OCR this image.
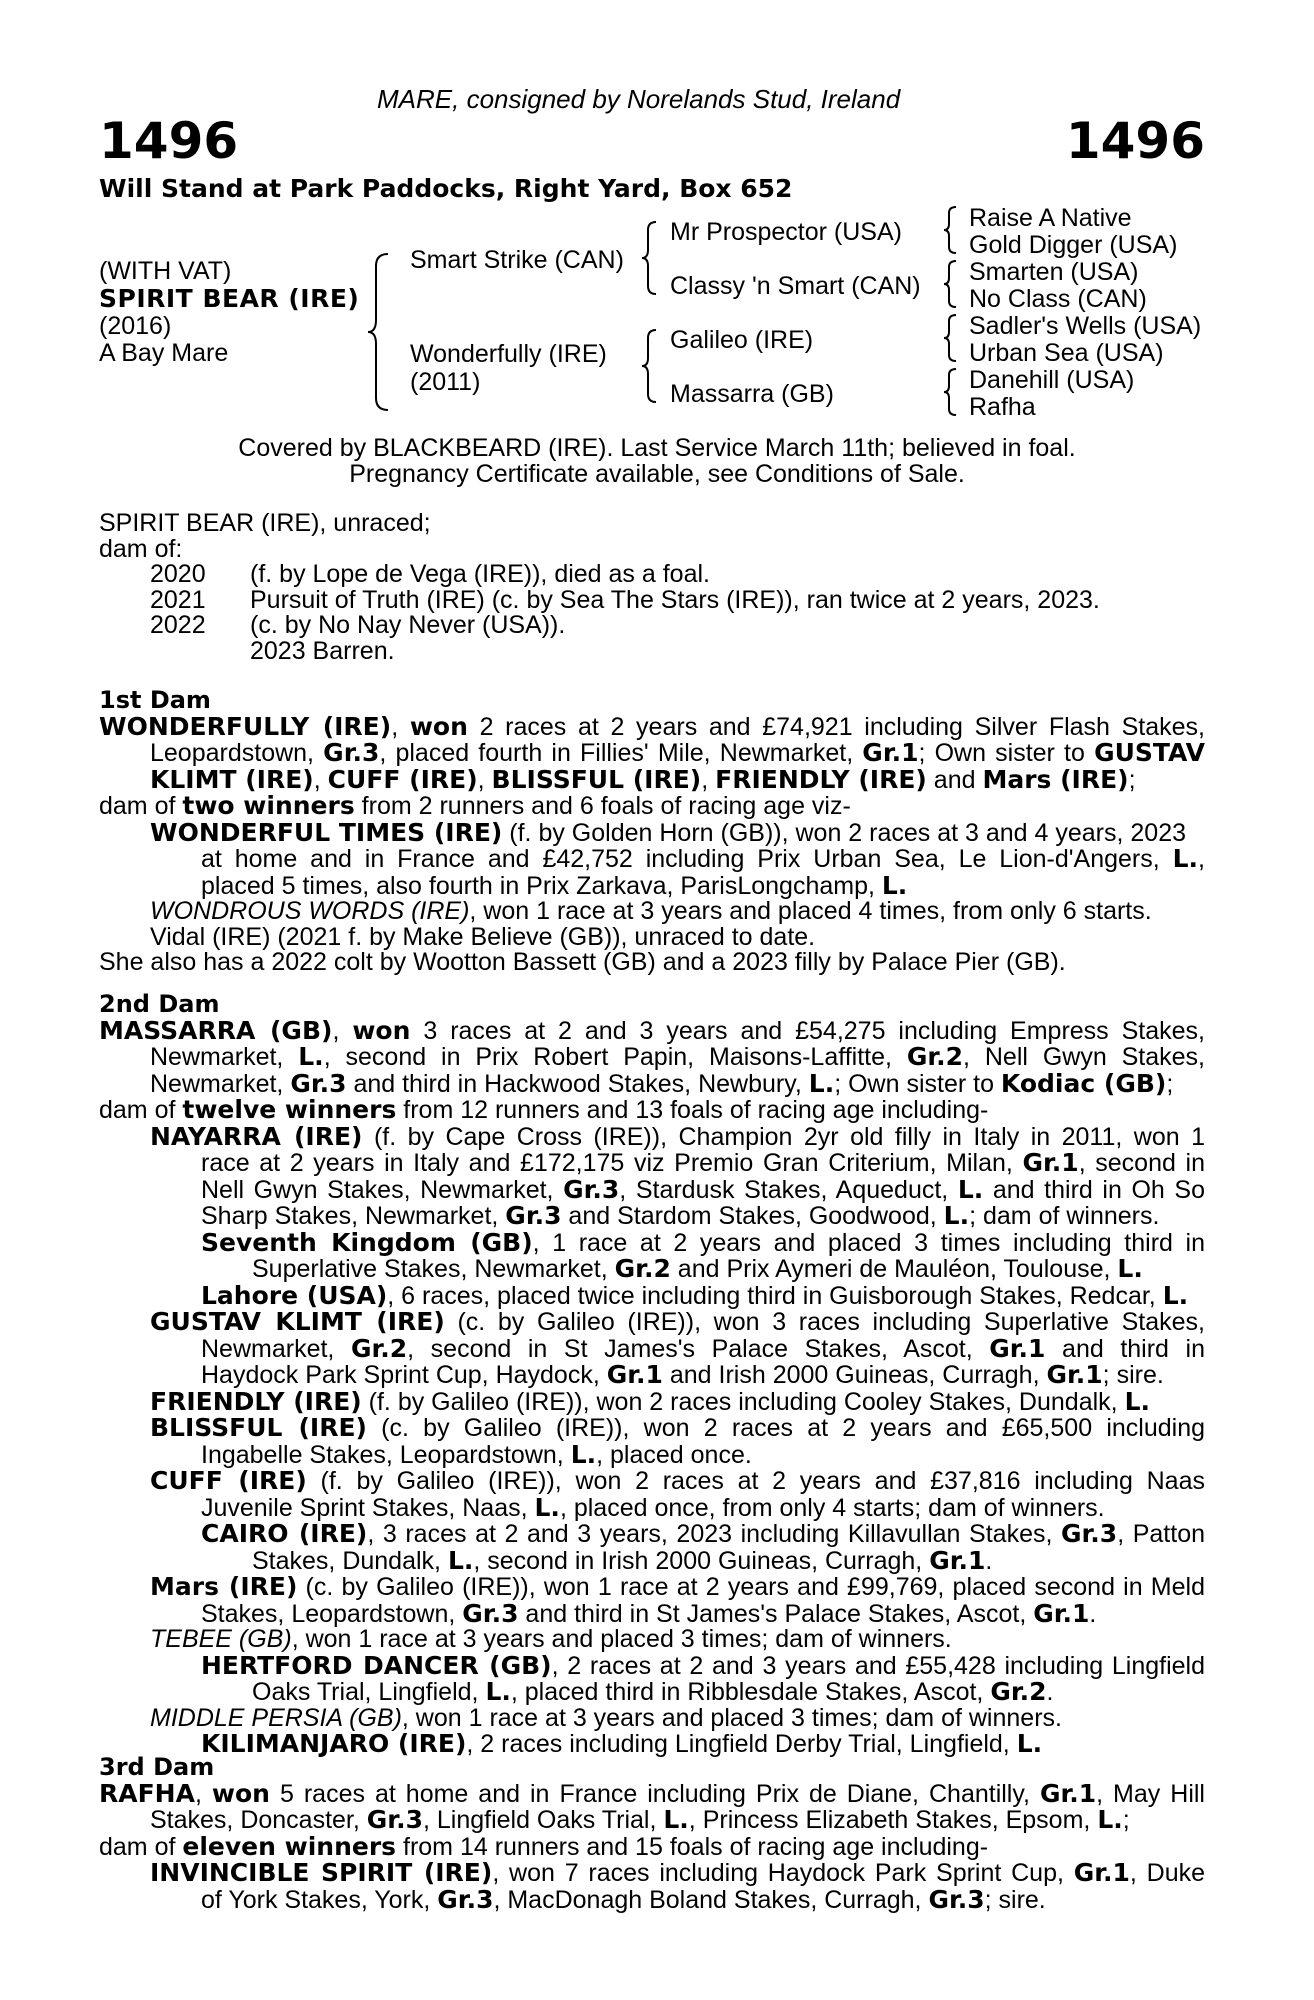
MARE, consigned by Norelands Stud, Ireland
1496	1496
Will Stand at Park Paddocks, Right Yard, Box 652
(WITH VAT)
SPIRIT BEAR (IRE)
(2016)
A Bay Mare
Smart Strike (CAN)
Wonderfully (IRE)
(2011)
Mr Prospector (USA)
Classy 'n Smart (CAN)
Galileo (IRE)
Massarra (GB)
Raise A Native
Gold Digger (USA)
Smarten (USA)
No Class (CAN)
Sadler's Wells (USA)
Urban Sea (USA)
Danehill (USA)
Rafha
Covered by BLACKBEARD (IRE). Last Service March 11th; believed in foal.
Pregnancy Certificate available, see Conditions of Sale.

SPIRIT BEAR (IRE), unraced;

dam of:

2020 (f. by Lope de Vega (IRE)), died as a foal.

2021 Pursuit of Truth (IRE) (c. by Sea The Stars (IRE)), ran twice at 2 years, 2023.

2022 (c. by No Nay Never (USA)).

2023 Barren.

1st Dam

WONDERFULLY (IRE), won 2 races at 2 years and £74,921 including Silver Flash Stakes,

Leopardstown, Gr.3, placed fourth in Fillies' Mile, Newmarket, Gr.1; Own sister to GUSTAV

KLIMT (IRE), CUFF (IRE), BLISSFUL (IRE), FRIENDLY (IRE) and Mars (IRE);

dam of two winners from 2 runners and 6 foals of racing age viz-

WONDERFUL TIMES (IRE) (f. by Golden Horn (GB)), won 2 races at 3 and 4 years, 2023

at home and in France and £42,752 including Prix Urban Sea, Le Lion-d'Angers, L.,

placed 5 times, also fourth in Prix Zarkava, ParisLongchamp, L.

WONDROUS WORDS (IRE), won 1 race at 3 years and placed 4 times, from only 6 starts.

Vidal (IRE) (2021 f. by Make Believe (GB)), unraced to date.

She also has a 2022 colt by Wootton Bassett (GB) and a 2023 filly by Palace Pier (GB).

2nd Dam

MASSARRA (GB), won 3 races at 2 and 3 years and £54,275 including Empress Stakes,

Newmarket, L., second in Prix Robert Papin, Maisons-Laffitte, Gr.2, Nell Gwyn Stakes,

Newmarket, Gr.3 and third in Hackwood Stakes, Newbury, L.; Own sister to Kodiac (GB);

dam of twelve winners from 12 runners and 13 foals of racing age including-

NAYARRA (IRE) (f. by Cape Cross (IRE)), Champion 2yr old filly in Italy in 2011, won 1

race at 2 years in Italy and £172,175 viz Premio Gran Criterium, Milan, Gr.1, second in

Nell Gwyn Stakes, Newmarket, Gr.3, Stardusk Stakes, Aqueduct, L. and third in Oh So

Sharp Stakes, Newmarket, Gr.3 and Stardom Stakes, Goodwood, L.; dam of winners.

Seventh Kingdom (GB), 1 race at 2 years and placed 3 times including third in

Superlative Stakes, Newmarket, Gr.2 and Prix Aymeri de Mauléon, Toulouse, L.

Lahore (USA), 6 races, placed twice including third in Guisborough Stakes, Redcar, L.

GUSTAV KLIMT (IRE) (c. by Galileo (IRE)), won 3 races including Superlative Stakes,

Newmarket, Gr.2, second in St James's Palace Stakes, Ascot, Gr.1 and third in

Haydock Park Sprint Cup, Haydock, Gr.1 and Irish 2000 Guineas, Curragh, Gr.1; sire.

FRIENDLY (IRE) (f. by Galileo (IRE)), won 2 races including Cooley Stakes, Dundalk, L.

BLISSFUL (IRE) (c. by Galileo (IRE)), won 2 races at 2 years and £65,500 including

Ingabelle Stakes, Leopardstown, L., placed once.

CUFF (IRE) (f. by Galileo (IRE)), won 2 races at 2 years and £37,816 including Naas

Juvenile Sprint Stakes, Naas, L., placed once, from only 4 starts; dam of winners.

CAIRO (IRE), 3 races at 2 and 3 years, 2023 including Killavullan Stakes, Gr.3, Patton

Stakes, Dundalk, L., second in Irish 2000 Guineas, Curragh, Gr.1.

Mars (IRE) (c. by Galileo (IRE)), won 1 race at 2 years and £99,769, placed second in Meld

Stakes, Leopardstown, Gr.3 and third in St James's Palace Stakes, Ascot, Gr.1.

TEBEE (GB), won 1 race at 3 years and placed 3 times; dam of winners.

HERTFORD DANCER (GB), 2 races at 2 and 3 years and £55,428 including Lingfield

Oaks Trial, Lingfield, L., placed third in Ribblesdale Stakes, Ascot, Gr.2.

MIDDLE PERSIA (GB), won 1 race at 3 years and placed 3 times; dam of winners.

KILIMANJARO (IRE), 2 races including Lingfield Derby Trial, Lingfield, L.

3rd Dam

RAFHA, won 5 races at home and in France including Prix de Diane, Chantilly, Gr.1, May Hill

Stakes, Doncaster, Gr.3, Lingfield Oaks Trial, L., Princess Elizabeth Stakes, Epsom, L.;

dam of eleven winners from 14 runners and 15 foals of racing age including-

INVINCIBLE SPIRIT (IRE), won 7 races including Haydock Park Sprint Cup, Gr.1, Duke

of York Stakes, York, Gr.3, MacDonagh Boland Stakes, Curragh, Gr.3; sire.
